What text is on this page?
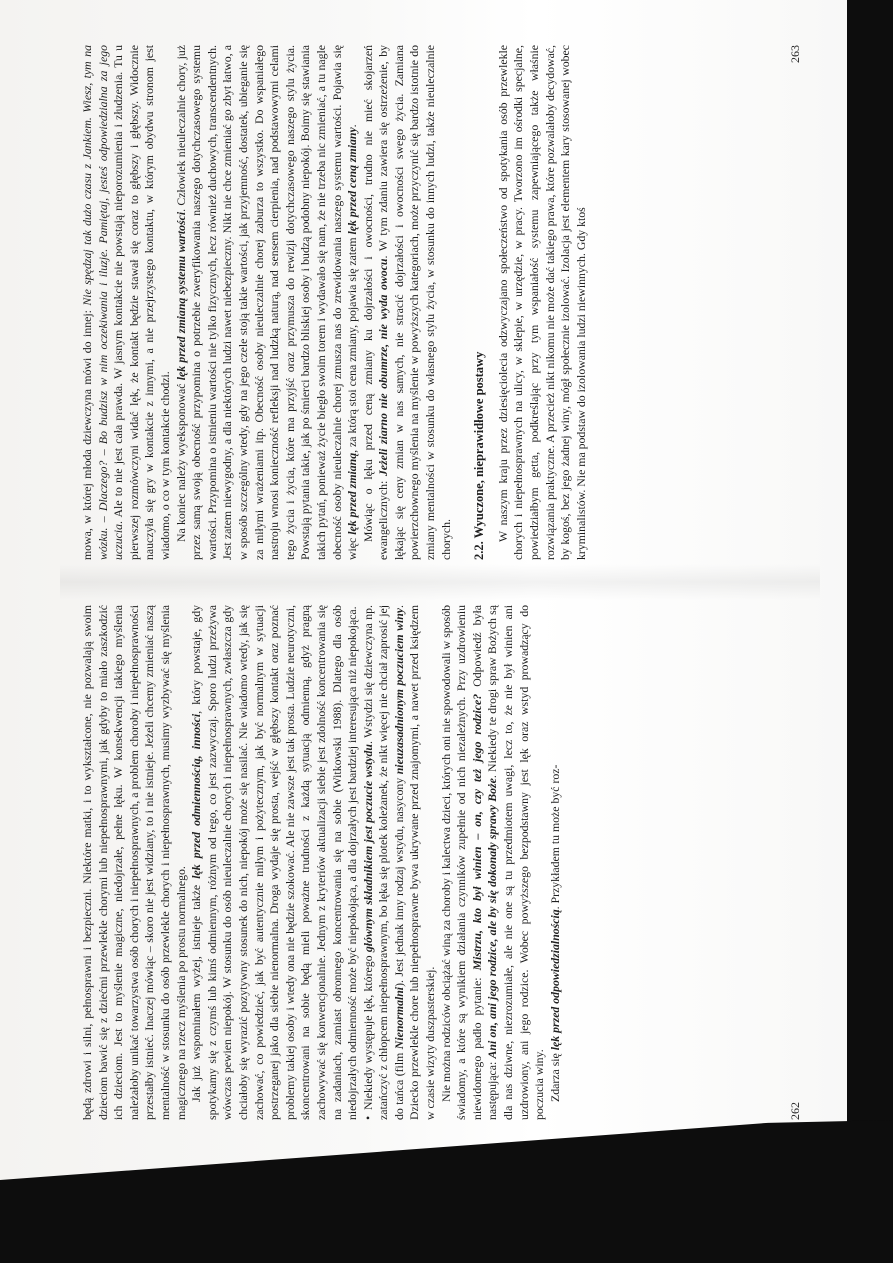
będą zdrowi i silni, pełnosprawni i bezpieczni. Niektóre matki, i to wykształcone, nie pozwalają swoim dzieciom bawić się z dziećmi przewlekle chorymi lub niepełnosprawnymi, jak gdyby to miało zaszkodzić ich dzieciom. Jest to myślenie magiczne, niedojrzałe, pełne lęku. W konsekwencji takiego myślenia należałoby unikać towarzystwa osób chorych i niepełnosprawnych, a problem choroby i niepełnosprawności przestałby istnieć. Inaczej mówiąc – skoro nie jest widziany, to i nie istnieje. Jeżeli chcemy zmieniać naszą mentalność w stosunku do osób przewlekle chorych i niepełnosprawnych, musimy wyzbywać się myślenia magicznego na rzecz myślenia po prostu normalnego. Jak już wspominałem wyżej, istnieje także lęk przed odmiennością, inności, który powstaje, gdy spotykamy się z czymś lub kimś odmiennym, różnym od tego, co jest zazwyczaj. Sporo ludzi przeżywa wówczas pewien niepokój. W stosunku do osób nieuleczalnie chorych i niepełnosprawnych, zwłaszcza gdy chciałoby się wyrazić pozytywny stosunek do nich, niepokój może się nasilać. Nie wiadomo wtedy, jak się zachować, co powiedzieć, jak być autentycznie miłym i pożytecznym, jak być normalnym w sytuacji postrzeganej jako dla siebie nienormalna. Droga wydaje się prosta, wejść w głębszy kontakt oraz poznać problemy takiej osoby i wtedy ona nie będzie szokować. Ale nie zawsze jest tak prosta. Ludzie neurotyczni, skoncentrowani na sobie będą mieli poważne trudności z każdą sytuacją odmienną, gdyż pragną zachowywać się konwencjonalnie. Jednym z kryteriów aktualizacji siebie jest zdolność koncentrowania się na zadaniach, zamiast obronnego koncentrowania się na sobie (Witkowski 1988). Dlatego dla osób niedojrzałych odmienność może być niepokojąca, a dla dojrzałych jest bardziej interesująca niż niepokojąca. •Niekiedy występuje lęk, którego głównym składnikiem jest poczucie wstydu. Wstydzi się dziewczyna np. zatańczyć z chłopcem niepełnosprawnym, bo lęka się plotek koleżanek, że nikt więcej nie chciał zaprosić jej do tańca (film Nienormalni). Jest jednak inny rodzaj wstydu, nasycony nieuzasadnionym poczuciem winy. Dziecko przewlekle chore lub niepełnosprawne bywa ukrywane przed znajomymi, a nawet przed księdzem w czasie wizyty duszpasterskiej. Nie można rodziców obciążać winą za choroby i kalectwa dzieci, których oni nie spowodowali w sposób świadomy, a które są wynikiem działania czynników zupełnie od nich niezależnych. Przy uzdrowieniu niewidomego padło pytanie: Mistrzu, kto był winien – on, czy też jego rodzice? Odpowiedź była następująca: Ani on, ani jego rodzice, ale by się dokonały sprawy Boże. Niekiedy te drogi spraw Bożych są dla nas dziwne, niezrozumiałe, ale nie one są tu przedmiotem uwagi, lecz to, że nie był winien ani uzdrowiony, ani jego rodzice. Wobec powyższego bezpodstawny jest lęk oraz wstyd prowadzący do poczucia winy. Zdarza się lęk przed odpowiedzialnością. Przykładem tu może być roz-

262

mowa, w której młoda dziewczyna mówi do innej: Nie spędzaj tak dużo czasu z Jankiem. Wiesz, tym na wózku. – Dlaczego? – Bo budzisz w nim oczekiwania i iluzje. Pamiętaj, jesteś odpowiedzialna za jego uczucia. Ale to nie jest cała prawda. W jasnym kontakcie nie powstają nieporozumienia i złudzenia. Tu u pierwszej rozmówczyni widać lęk, że kontakt będzie stawał się coraz to głębszy i głębszy. Widocznie nauczyła się gry w kontakcie z innymi, a nie przejrzystego kontaktu, w którym obydwu stronom jest wiadomo, o co w tym kontakcie chodzi. Na koniec należy wyeksponować lęk przed zmianą systemu wartości. Człowiek nieuleczalnie chory, już przez samą swoją obecność przypomina o potrzebie zweryfikowania naszego dotychczasowego systemu wartości. Przypomina o istnieniu wartości nie tylko fizycznych, lecz również duchowych, transcendentnych. Jest zatem niewygodny, a dla niektórych ludzi nawet niebezpieczny. Nikt nie chce zmieniać go zbyt łatwo, a w sposób szczególny wtedy, gdy na jego czele stoją takie wartości, jak przyjemność, dostatek, ubieganie się za miłymi wrażeniami itp. Obecność osoby nieuleczalnie chorej zaburza to wszystko. Do wspaniałego nastroju wnosi konieczność refleksji nad ludzką naturą, nad sensem cierpienia, nad podstawowymi celami tego życia i życia, które ma przyjść oraz przymusza do rewizji dotychczasowego naszego stylu życia. Powstają pytania takie, jak po śmierci bardzo bliskiej osoby i budzą podobny niepokój. Boimy się stawiania takich pytań, ponieważ życie biegło swoim torem i wydawało się nam, że nie trzeba nic zmieniać, a tu nagle obecność osoby nieuleczalnie chorej zmusza nas do zrewidowania naszego systemu wartości. Pojawia się więc lęk przed zmianą, za którą stoi cena zmiany, pojawia się zatem lęk przed ceną zmiany. Mówiąc o lęku przed ceną zmiany ku dojrzałości i owocności, trudno nie mieć skojarzeń ewangelicznych: Jeżeli ziarno nie obumrze, nie wyda owocu. W tym zdaniu zawiera się ostrzeżenie, by lękając się ceny zmian w nas samych, nie stracić dojrzałości i owocności swego życia. Zamiana powierzchownego myślenia na myślenie w powyższych kategoriach, może przyczynić się bardzo istotnie do zmiany mentalności w stosunku do własnego stylu życia, w stosunku do innych ludzi, także nieuleczalnie chorych. 2.2. Wyuczone, nieprawidłowe postawy W naszym kraju przez dziesięciolecia odzwyczajano społeczeństwo od spotykania osób przewlekle chorych i niepełnosprawnych na ulicy, w sklepie, w urzędzie, w pracy. Tworzono im ośrodki specjalne, powiedziałbym getta, podkreślając przy tym wspaniałość systemu zapewniającego także właśnie rozwiązania praktyczne. A przecież nikt nikomu nie może dać takiego prawa, które pozwalałoby decydować, by kogoś, bez jego żadnej winy, mógł społecznie izolować. Izolacja jest elementem kary stosowanej wobec kryminalistów. Nie ma podstaw do izolowania ludzi niewinnych. Gdy ktoś

263
